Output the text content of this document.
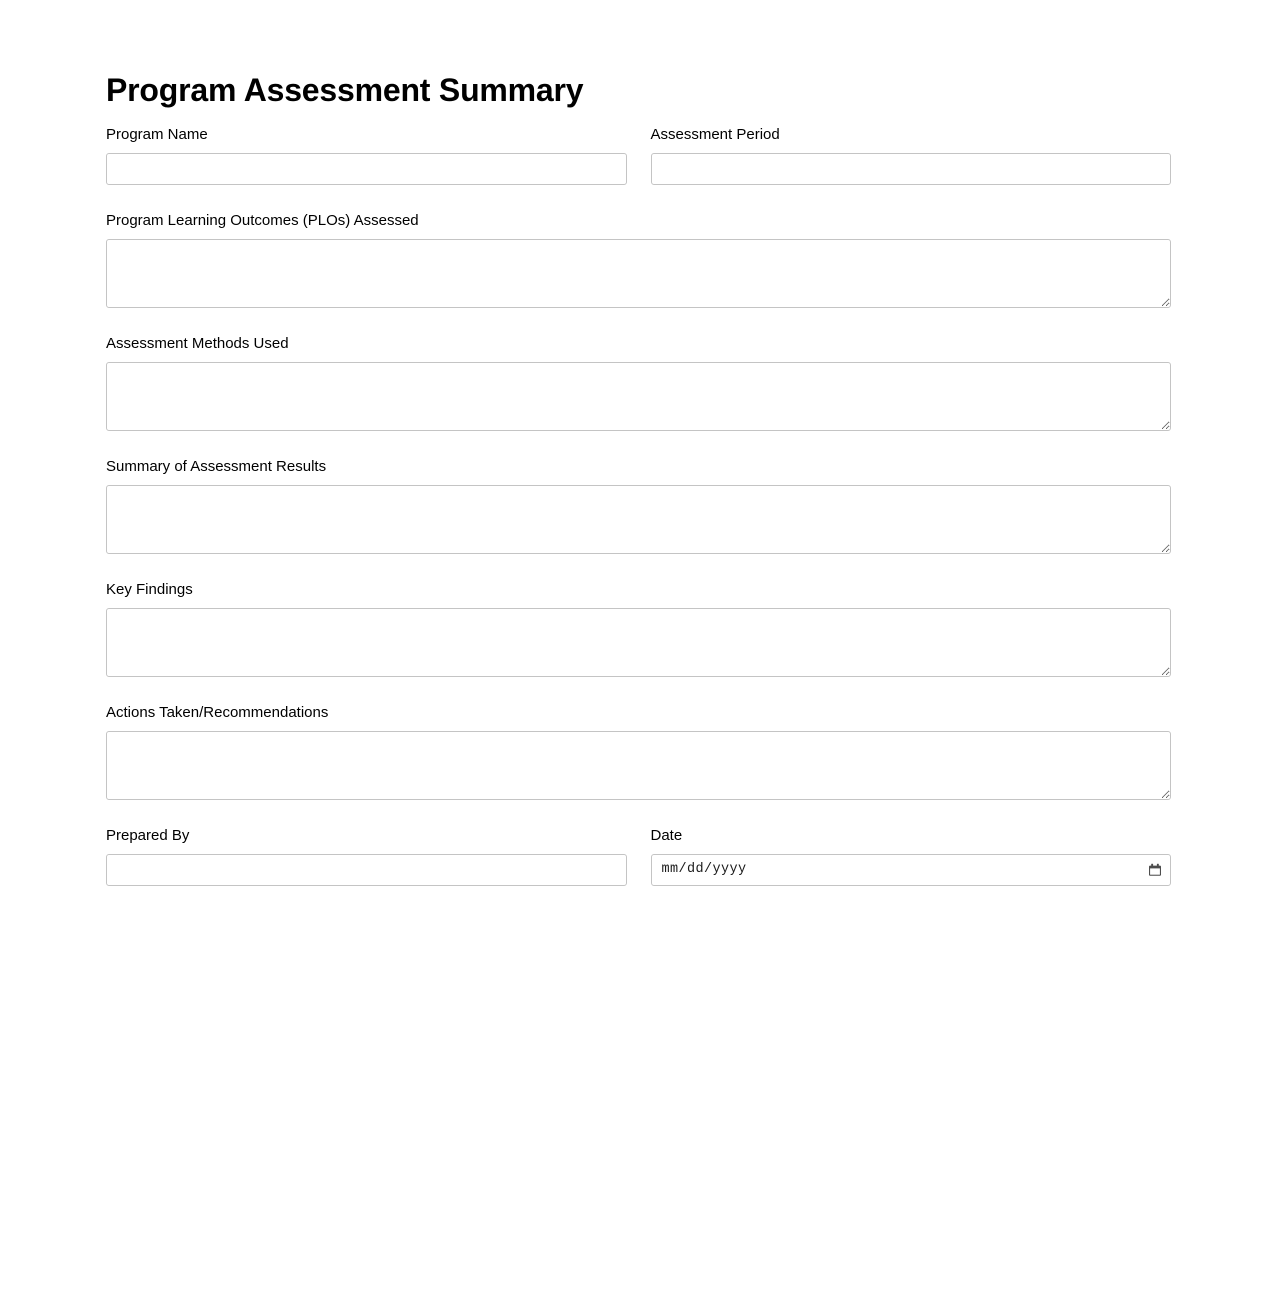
Program Assessment Summary
Program Name	Assessment Period
Program Learning Outcomes (PLOs) Assessed
Assessment Methods Used
Summary of Assessment Results
Key Findings
Actions Taken/Recommendations
Prepared By	Date
mm/dd/yyyy
